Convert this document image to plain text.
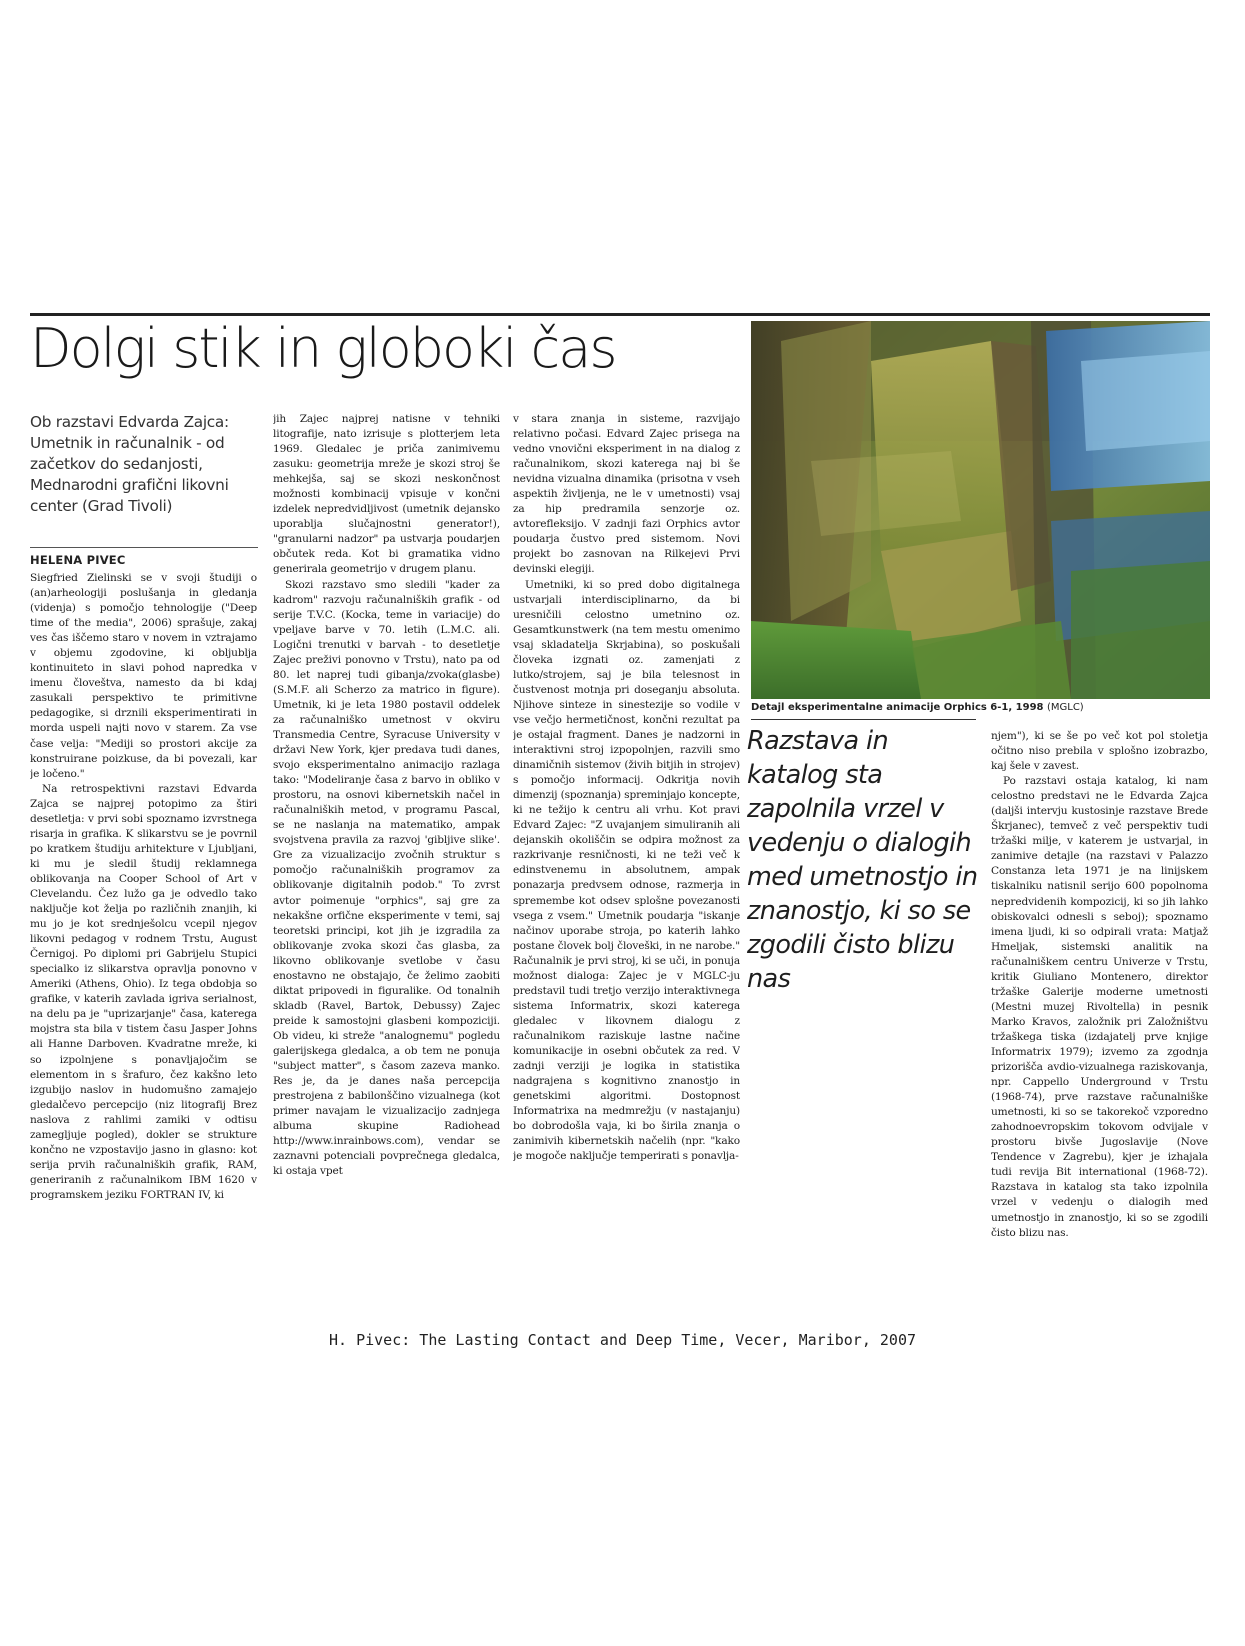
Dolgi stik in globoki čas

Ob razstavi Edvarda Zajca: Umetnik in računalnik - od začetkov do sedanjosti, Mednarodni grafični likovni center (Grad Tivoli)

HELENA PIVEC

Siegfried Zielinski se v svoji študiji o (an)arheologiji poslušanja in gledanja (videnja) s pomočjo tehnologije ("Deep time of the media", 2006) sprašuje, zakaj ves čas iščemo staro v novem in vztrajamo v objemu zgodovine, ki obljublja kontinuiteto in slavi pohod napredka v imenu človeštva, namesto da bi kdaj zasukali perspektivo te primitivne pedagogike, si drznili eksperimentirati in morda uspeli najti novo v starem. Za vse čase velja: "Mediji so prostori akcije za konstruirane poizkuse, da bi povezali, kar je ločeno."

Na retrospektivni razstavi Edvarda Zajca se najprej potopimo za štiri desetletja: v prvi sobi spoznamo izvrstnega risarja in grafika. K slikarstvu se je povrnil po kratkem študiju arhitekture v Ljubljani, ki mu je sledil študij reklamnega oblikovanja na Cooper School of Art v Clevelandu. Čez lužo ga je odvedlo tako naključje kot želja po različnih znanjih, ki mu jo je kot srednješolcu vcepil njegov likovni pedagog v rodnem Trstu, August Černigoj. Po diplomi pri Gabrijelu Stupici specialko iz slikarstva opravlja ponovno v Ameriki (Athens, Ohio). Iz tega obdobja so grafike, v katerih zavlada igriva serialnost, na delu pa je "uprizarjanje" časa, katerega mojstra sta bila v tistem času Jasper Johns ali Hanne Darboven. Kvadratne mreže, ki so izpolnjene s ponavljajočim se elementom in s šrafuro, čez kakšno leto izgubijo naslov in hudomušno zamajejo gledalčevo percepcijo (niz litografij Brez naslova z rahlimi zamiki v odtisu zamegljuje pogled), dokler se strukture končno ne vzpostavijo jasno in glasno: kot serija prvih računalniških grafik, RAM, generiranih z računalnikom IBM 1620 v programskem jeziku FORTRAN IV, ki

jih Zajec najprej natisne v tehniki litografije, nato izrisuje s plotterjem leta 1969. Gledalec je priča zanimivemu zasuku: geometrija mreže je skozi stroj še mehkejša, saj se skozi neskončnost možnosti kombinacij vpisuje v končni izdelek nepredvidljivost (umetnik dejansko uporablja slučajnostni generator!), "granularni nadzor" pa ustvarja poudarjen občutek reda. Kot bi gramatika vidno generirala geometrijo v drugem planu.

Skozi razstavo smo sledili "kader za kadrom" razvoju računalniških grafik - od serije T.V.C. (Kocka, teme in variacije) do vpeljave barve v 70. letih (L.M.C. ali. Logični trenutki v barvah - to desetletje Zajec preživi ponovno v Trstu), nato pa od 80. let naprej tudi gibanja/zvoka(glasbe) (S.M.F. ali Scherzo za matrico in figure). Umetnik, ki je leta 1980 postavil oddelek za računalniško umetnost v okviru Transmedia Centre, Syracuse University v državi New York, kjer predava tudi danes, svojo eksperimentalno animacijo razlaga tako: "Modeliranje časa z barvo in obliko v prostoru, na osnovi kibernetskih načel in računalniških metod, v programu Pascal, se ne naslanja na matematiko, ampak svojstvena pravila za razvoj 'gibljive slike'. Gre za vizualizacijo zvočnih struktur s pomočjo računalniških programov za oblikovanje digitalnih podob." To zvrst avtor poimenuje "orphics", saj gre za nekakšne orfične eksperimente v temi, saj teoretski principi, kot jih je izgradila za oblikovanje zvoka skozi čas glasba, za likovno oblikovanje svetlobe v času enostavno ne obstajajo, če želimo zaobiti diktat pripovedi in figuralike. Od tonalnih skladb (Ravel, Bartok, Debussy) Zajec preide k samostojni glasbeni kompoziciji. Ob videu, ki streže "analognemu" pogledu galerijskega gledalca, a ob tem ne ponuja "subject matter", s časom zazeva manko. Res je, da je danes naša percepcija prestrojena z babilonščino vizualnega (kot primer navajam le vizualizacijo zadnjega albuma skupine Radiohead http://www.inrainbows.com), vendar se zaznavni potenciali povprečnega gledalca, ki ostaja vpet

v stara znanja in sisteme, razvijajo relativno počasi. Edvard Zajec prisega na vedno vnovični eksperiment in na dialog z računalnikom, skozi katerega naj bi še nevidna vizualna dinamika (prisotna v vseh aspektih življenja, ne le v umetnosti) vsaj za hip predramila senzorje oz. avtorefleksijo. V zadnji fazi Orphics avtor poudarja čustvo pred sistemom. Novi projekt bo zasnovan na Rilkejevi Prvi devinski elegiji.

Umetniki, ki so pred dobo digitalnega ustvarjali interdisciplinarno, da bi uresničili celostno umetnino oz. Gesamtkunstwerk (na tem mestu omenimo vsaj skladatelja Skrjabina), so poskušali človeka izgnati oz. zamenjati z lutko/strojem, saj je bila telesnost in čustvenost motnja pri doseganju absoluta. Njihove sinteze in sinestezije so vodile v vse večjo hermetičnost, končni rezultat pa je ostajal fragment. Danes je nadzorni in interaktivni stroj izpopolnjen, razvili smo dinamičnih sistemov (živih bitjih in strojev) s pomočjo informacij. Odkritja novih dimenzij (spoznanja) spreminjajo koncepte, ki ne težijo k centru ali vrhu. Kot pravi Edvard Zajec: "Z uvajanjem simuliranih ali dejanskih okoliščin se odpira možnost za razkrivanje resničnosti, ki ne teži več k edinstvenemu in absolutnem, ampak ponazarja predvsem odnose, razmerja in spremembe kot odsev splošne povezanosti vsega z vsem." Umetnik poudarja "iskanje načinov uporabe stroja, po katerih lahko postane človek bolj človeški, in ne narobe." Računalnik je prvi stroj, ki se uči, in ponuja možnost dialoga: Zajec je v MGLC-ju predstavil tudi tretjo verzijo interaktivnega sistema Informatrix, skozi katerega gledalec v likovnem dialogu z računalnikom raziskuje lastne načine komunikacije in osebni občutek za red. V zadnji verziji je logika in statistika nadgrajena s kognitivno znanostjo in genetskimi algoritmi. Dostopnost Informatrixa na medmrežju (v nastajanju) bo dobrodošla vaja, ki bo širila znanja o zanimivih kibernetskih načelih (npr. "kako je mogoče naključje temperirati s ponavlja-

Detajl eksperimentalne animacije Orphics 6-1, 1998 (MGLC)

Razstava in katalog sta zapolnila vrzel v vedenju o dialogih med umetnostjo in znanostjo, ki so se zgodili čisto blizu nas

njem"), ki se še po več kot pol stoletja očitno niso prebila v splošno izobrazbo, kaj šele v zavest.

Po razstavi ostaja katalog, ki nam celostno predstavi ne le Edvarda Zajca (daljši intervju kustosinje razstave Brede Škrjanec), temveč z več perspektiv tudi tržaški milje, v katerem je ustvarjal, in zanimive detajle (na razstavi v Palazzo Constanza leta 1971 je na linijskem tiskalniku natisnil serijo 600 popolnoma nepredvidenih kompozicij, ki so jih lahko obiskovalci odnesli s seboj); spoznamo imena ljudi, ki so odpirali vrata: Matjaž Hmeljak, sistemski analitik na računalniškem centru Univerze v Trstu, kritik Giuliano Montenero, direktor tržaške Galerije moderne umetnosti (Mestni muzej Rivoltella) in pesnik Marko Kravos, založnik pri Založništvu tržaškega tiska (izdajatelj prve knjige Informatrix 1979); izvemo za zgodnja prizorišča avdio-vizualnega raziskovanja, npr. Cappello Underground v Trstu (1968-74), prve razstave računalniške umetnosti, ki so se takorekoč vzporedno zahodnoevropskim tokovom odvijale v prostoru bivše Jugoslavije (Nove Tendence v Zagrebu), kjer je izhajala tudi revija Bit international (1968-72). Razstava in katalog sta tako izpolnila vrzel v vedenju o dialogih med umetnostjo in znanostjo, ki so se zgodili čisto blizu nas.

H. Pivec: The Lasting Contact and Deep Time, Vecer, Maribor, 2007
